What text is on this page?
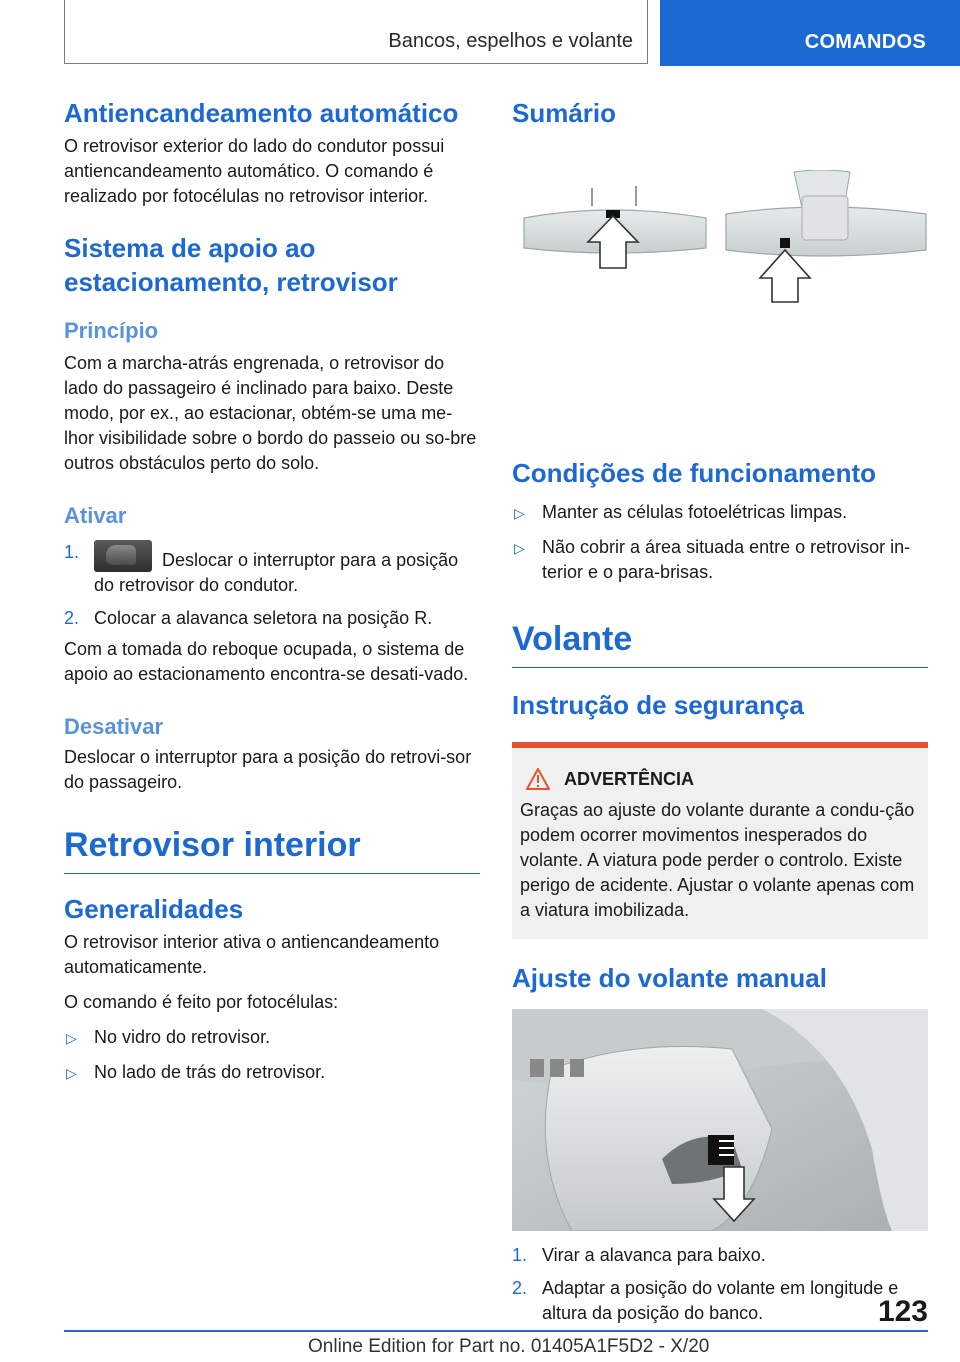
Bancos, espelhos e volante	COMANDOS
Antiencandeamento automático

O retrovisor exterior do lado do condutor possui antiencandeamento automático. O comando é realizado por fotocélulas no retrovisor interior.

Sistema de apoio ao estacionamento, retrovisor
Princípio

Com a marcha-atrás engrenada, o retrovisor do lado do passageiro é inclinado para baixo. Deste modo, por ex., ao estacionar, obtém-se uma me-lhor visibilidade sobre o bordo do passeio ou so-bre outros obstáculos perto do solo.

Ativar
1.	Deslocar o interruptor para a posição do retrovisor do condutor.
2. Colocar a alavanca seletora na posição R.

Com a tomada do reboque ocupada, o sistema de apoio ao estacionamento encontra-se desati-vado.

Desativar

Deslocar o interruptor para a posição do retrovi-sor do passageiro.

Retrovisor interior
Generalidades

O retrovisor interior ativa o antiencandeamento automaticamente.

O comando é feito por fotocélulas:

▷ No vidro do retrovisor.
▷ No lado de trás do retrovisor.
Sumário
Condições de funcionamento
▷ Manter as células fotoelétricas limpas.
▷ Não cobrir a área situada entre o retrovisor in-terior e o para-brisas.
Volante
Instrução de segurança
ADVERTÊNCIA

Graças ao ajuste do volante durante a condu-ção podem ocorrer movimentos inesperados do volante. A viatura pode perder o controlo. Existe perigo de acidente. Ajustar o volante apenas com a viatura imobilizada.

Ajuste do volante manual
1. Virar a alavanca para baixo.
2. Adaptar a posição do volante em longitude e altura da posição do banco.	123
Online Edition for Part no. 01405A1F5D2 - X/20
